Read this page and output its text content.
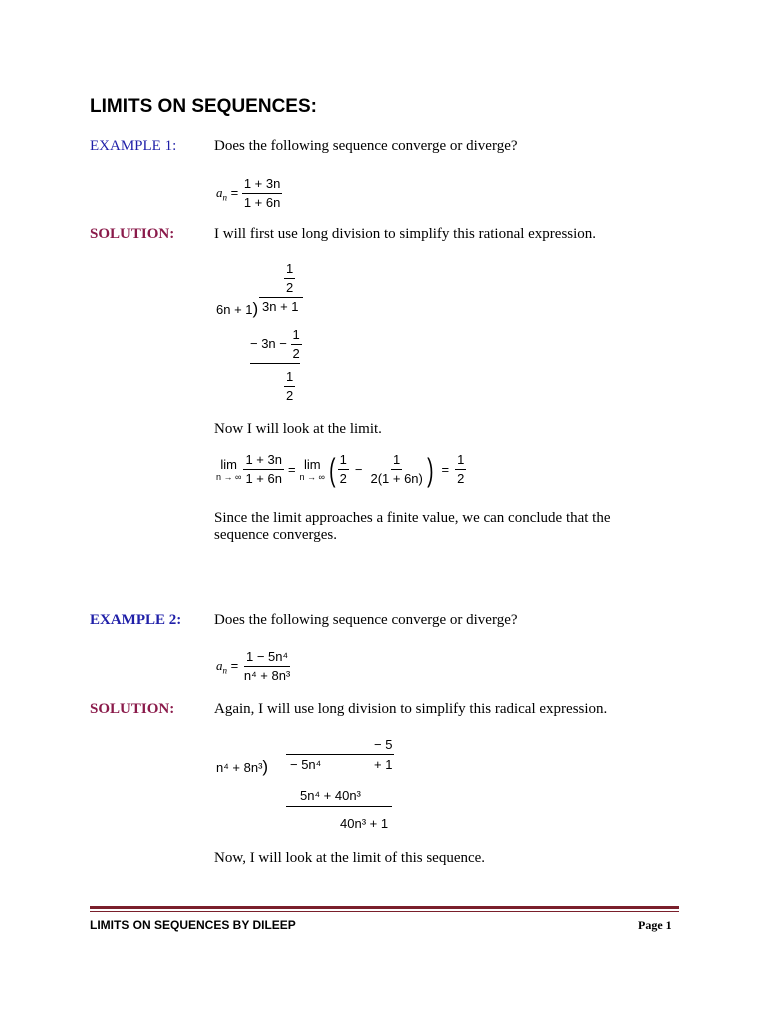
LIMITS ON SEQUENCES:
EXAMPLE 1:	Does the following sequence converge or diverge?
$a_n = \frac{1 + 3n}{1 + 6n}$
SOLUTION:	I will first use long division to simplify this rational expression.
$\frac{1}{2}$
6n + 1) 3n + 1
− $3n - \frac{1}{2}$
$\frac{1}{2}$
Now I will look at the limit.
lim
n → ∞ $\frac{1 + 3n}{1 + 6n} = \lim$
n → ∞ ( $\frac{1}{2} - \frac{1}{2(1 + 6n)}$ ) = $\frac{1}{2}$
Since the limit approaches a finite value, we can conclude that the sequence converges.
EXAMPLE 2: Does the following sequence converge or diverge?
$a_n = \frac{\text{1 − 5n⁴}}{\text{n⁴ + 8n³}}$
SOLUTION:	Again, I will use long division to simplify this radical expression.
− 5
n⁴ + 8n³) − 5n⁴	+ 1
5n⁴ + 40n³
40n³ + 1
Now, I will look at the limit of this sequence.
LIMITS ON SEQUENCES BY DILEEP	Page 1
